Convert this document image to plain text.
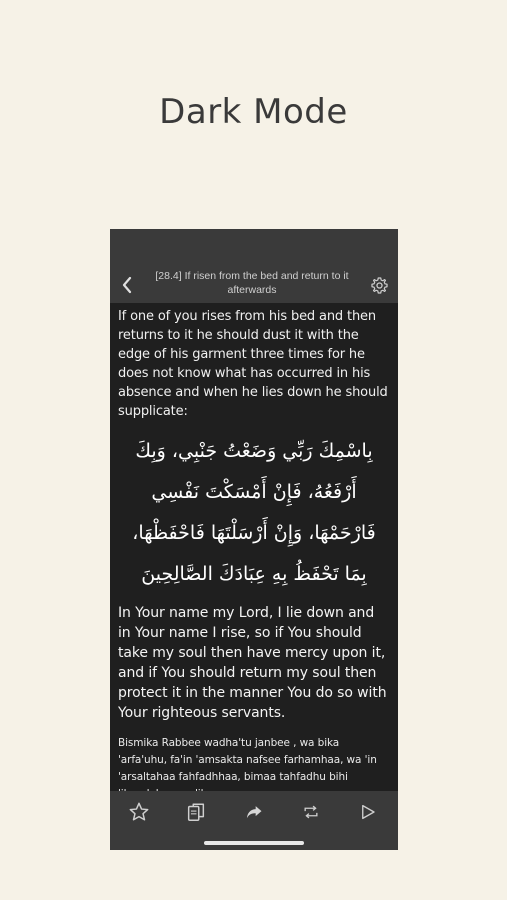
Dark Mode
[28.4] If risen from the bed and return to it afterwards

If one of you rises from his bed and then returns to it he should dust it with the edge of his garment three times for he does not know what has occurred in his absence and when he lies down he should supplicate:

بِاسْمِكَ رَبِّي وَضَعْتُ جَنْبِي، وَبِكَ أَرْفَعُهُ، فَإِنْ أَمْسَكْتَ نَفْسِي فَارْحَمْهَا، وَإِنْ أَرْسَلْتَهَا فَاحْفَظْهَا، بِمَا تَحْفَظُ بِهِ عِبَادَكَ الصَّالِحِينَ

In Your name my Lord, I lie down and in Your name I rise, so if You should take my soul then have mercy upon it, and if You should return my soul then protect it in the manner You do so with Your righteous servants.

Bismika Rabbee wadha'tu janbee , wa bika 'arfa'uhu, fa'in 'amsakta nafsee farhamhaa, wa 'in 'arsaltahaa fahfadhhaa, bimaa tahfadhu bihi
